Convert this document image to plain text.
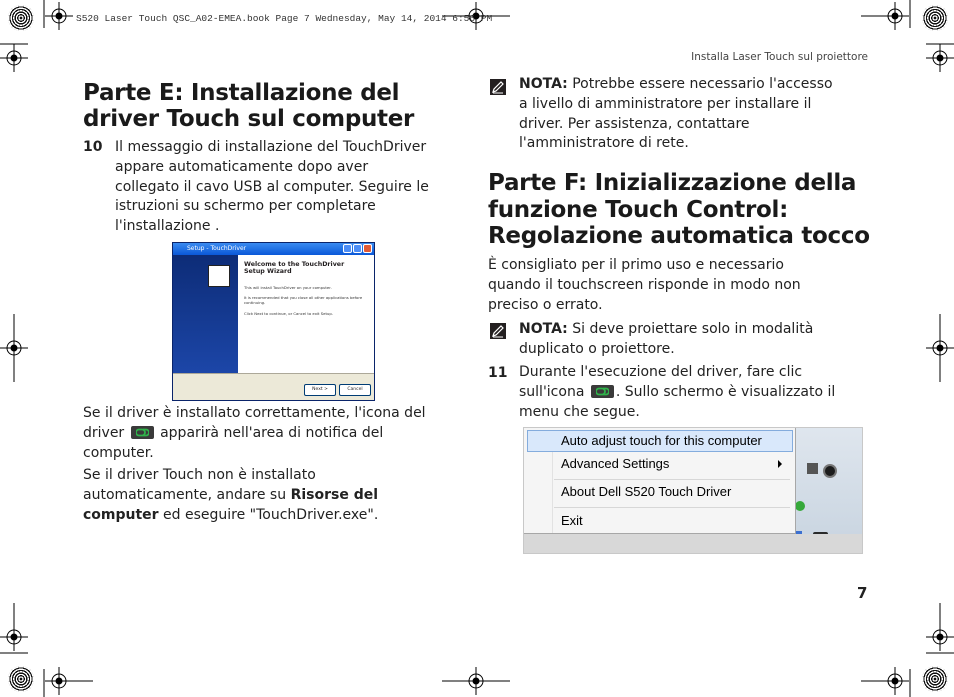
S520 Laser Touch QSC_A02-EMEA.book Page 7 Wednesday, May 14, 2014 6:56 PM
Installa Laser Touch sul proiettore
Parte E: Installazione del
driver Touch sul computer
10 Il messaggio di installazione del TouchDriver
appare automaticamente dopo aver
collegato il cavo USB al computer. Seguire le
istruzioni su schermo per completare
l'installazione .
Setup - TouchDriver
Welcome to the TouchDriver
Setup Wizard
This will install TouchDriver on your computer.
It is recommended that you close all other applications before
continuing.
Click Next to continue, or Cancel to exit Setup.
Next >	Cancel
Se il driver è installato correttamente, l'icona del
driver	apparirà nell'area di notifica del
computer.
Se il driver Touch non è installato
automaticamente, andare su Risorse del
computer ed eseguire "TouchDriver.exe".
NOTA: Potrebbe essere necessario l'accesso
a livello di amministratore per installare il
driver. Per assistenza, contattare
l'amministratore di rete.
Parte F: Inizializzazione della
funzione Touch Control:
Regolazione automatica tocco
È consigliato per il primo uso e necessario
quando il touchscreen risponde in modo non
preciso o errato.
NOTA: Si deve proiettare solo in modalità
duplicato o proiettore.
11 Durante l'esecuzione del driver, fare clic
sull'icona . Sullo schermo è visualizzato il
menu che segue.
Auto adjust touch for this computer
Advanced Settings
About Dell S520 Touch Driver
Exit
7
